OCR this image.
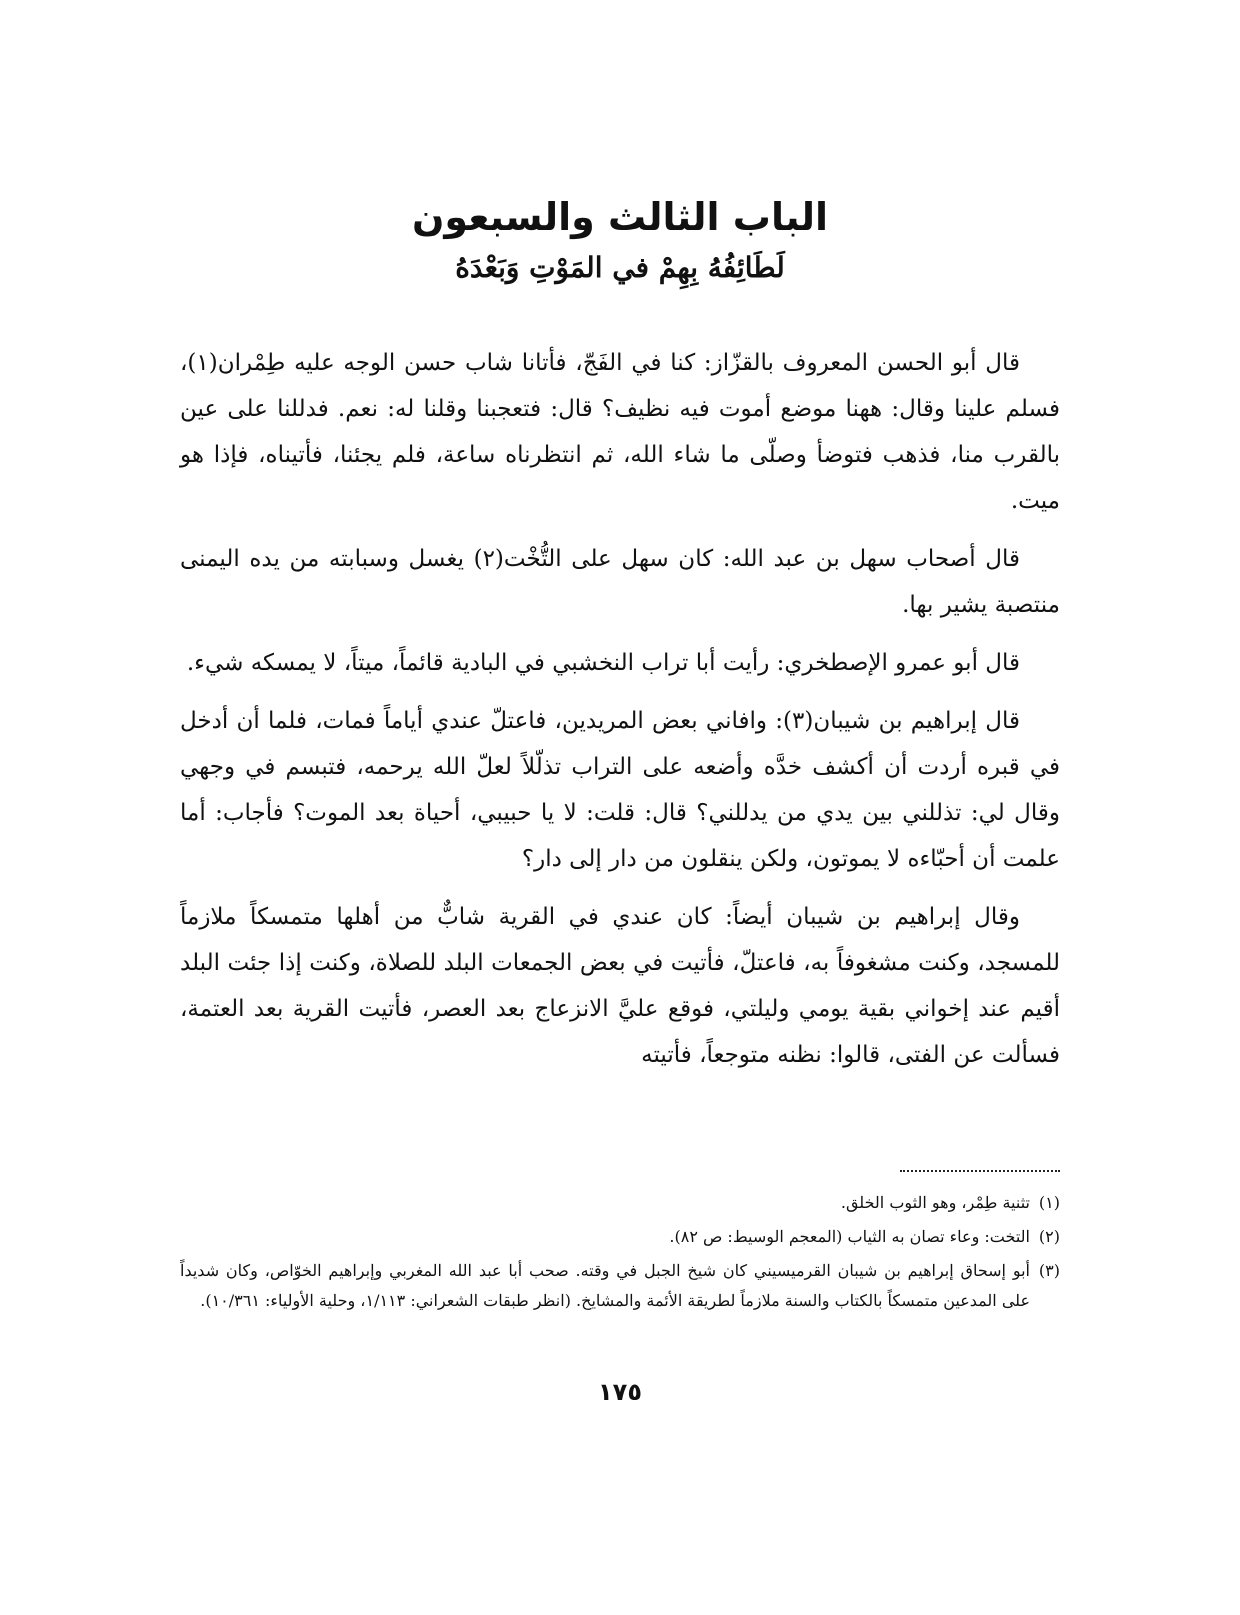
الباب الثالث والسبعون
لَطَائِفُهُ بِهِمْ في المَوْتِ وَبَعْدَهُ

قال أبو الحسن المعروف بالقزّاز: كنا في الفَجّ، فأتانا شاب حسن الوجه عليه طِمْران(١)، فسلم علينا وقال: ههنا موضع أموت فيه نظيف؟ قال: فتعجبنا وقلنا له: نعم. فدللنا على عين بالقرب منا، فذهب فتوضأ وصلّى ما شاء الله، ثم انتظرناه ساعة، فلم يجئنا، فأتيناه، فإذا هو ميت.

قال أصحاب سهل بن عبد الله: كان سهل على التُّخْت(٢) يغسل وسبابته من يده اليمنى منتصبة يشير بها.

قال أبو عمرو الإصطخري: رأيت أبا تراب النخشبي في البادية قائماً، ميتاً، لا يمسكه شيء.

قال إبراهيم بن شيبان(٣): وافاني بعض المريدين، فاعتلّ عندي أياماً فمات، فلما أن أدخل في قبره أردت أن أكشف خدَّه وأضعه على التراب تذلّلاً لعلّ الله يرحمه، فتبسم في وجهي وقال لي: تذللني بين يدي من يدللني؟ قال: قلت: لا يا حبيبي، أحياة بعد الموت؟ فأجاب: أما علمت أن أحبّاءه لا يموتون، ولكن ينقلون من دار إلى دار؟

وقال إبراهيم بن شيبان أيضاً: كان عندي في القرية شابٌّ من أهلها متمسكاً ملازماً للمسجد، وكنت مشغوفاً به، فاعتلّ، فأتيت في بعض الجمعات البلد للصلاة، وكنت إذا جئت البلد أقيم عند إخواني بقية يومي وليلتي، فوقع عليَّ الانزعاج بعد العصر، فأتيت القرية بعد العتمة، فسألت عن الفتى، قالوا: نظنه متوجعاً، فأتيته

(١)تثنية طِمْر، وهو الثوب الخلق.
(٢)التخت: وعاء تصان به الثياب (المعجم الوسيط: ص ٨٢).
(٣)أبو إسحاق إبراهيم بن شيبان القرميسيني كان شيخ الجبل في وقته. صحب أبا عبد الله المغربي وإبراهيم الخوّاص، وكان شديداً على المدعين متمسكاً بالكتاب والسنة ملازماً لطريقة الأئمة والمشايخ. (انظر طبقات الشعراني: ١/١١٣، وحلية الأولياء: ١٠/٣٦١).
١٧٥
